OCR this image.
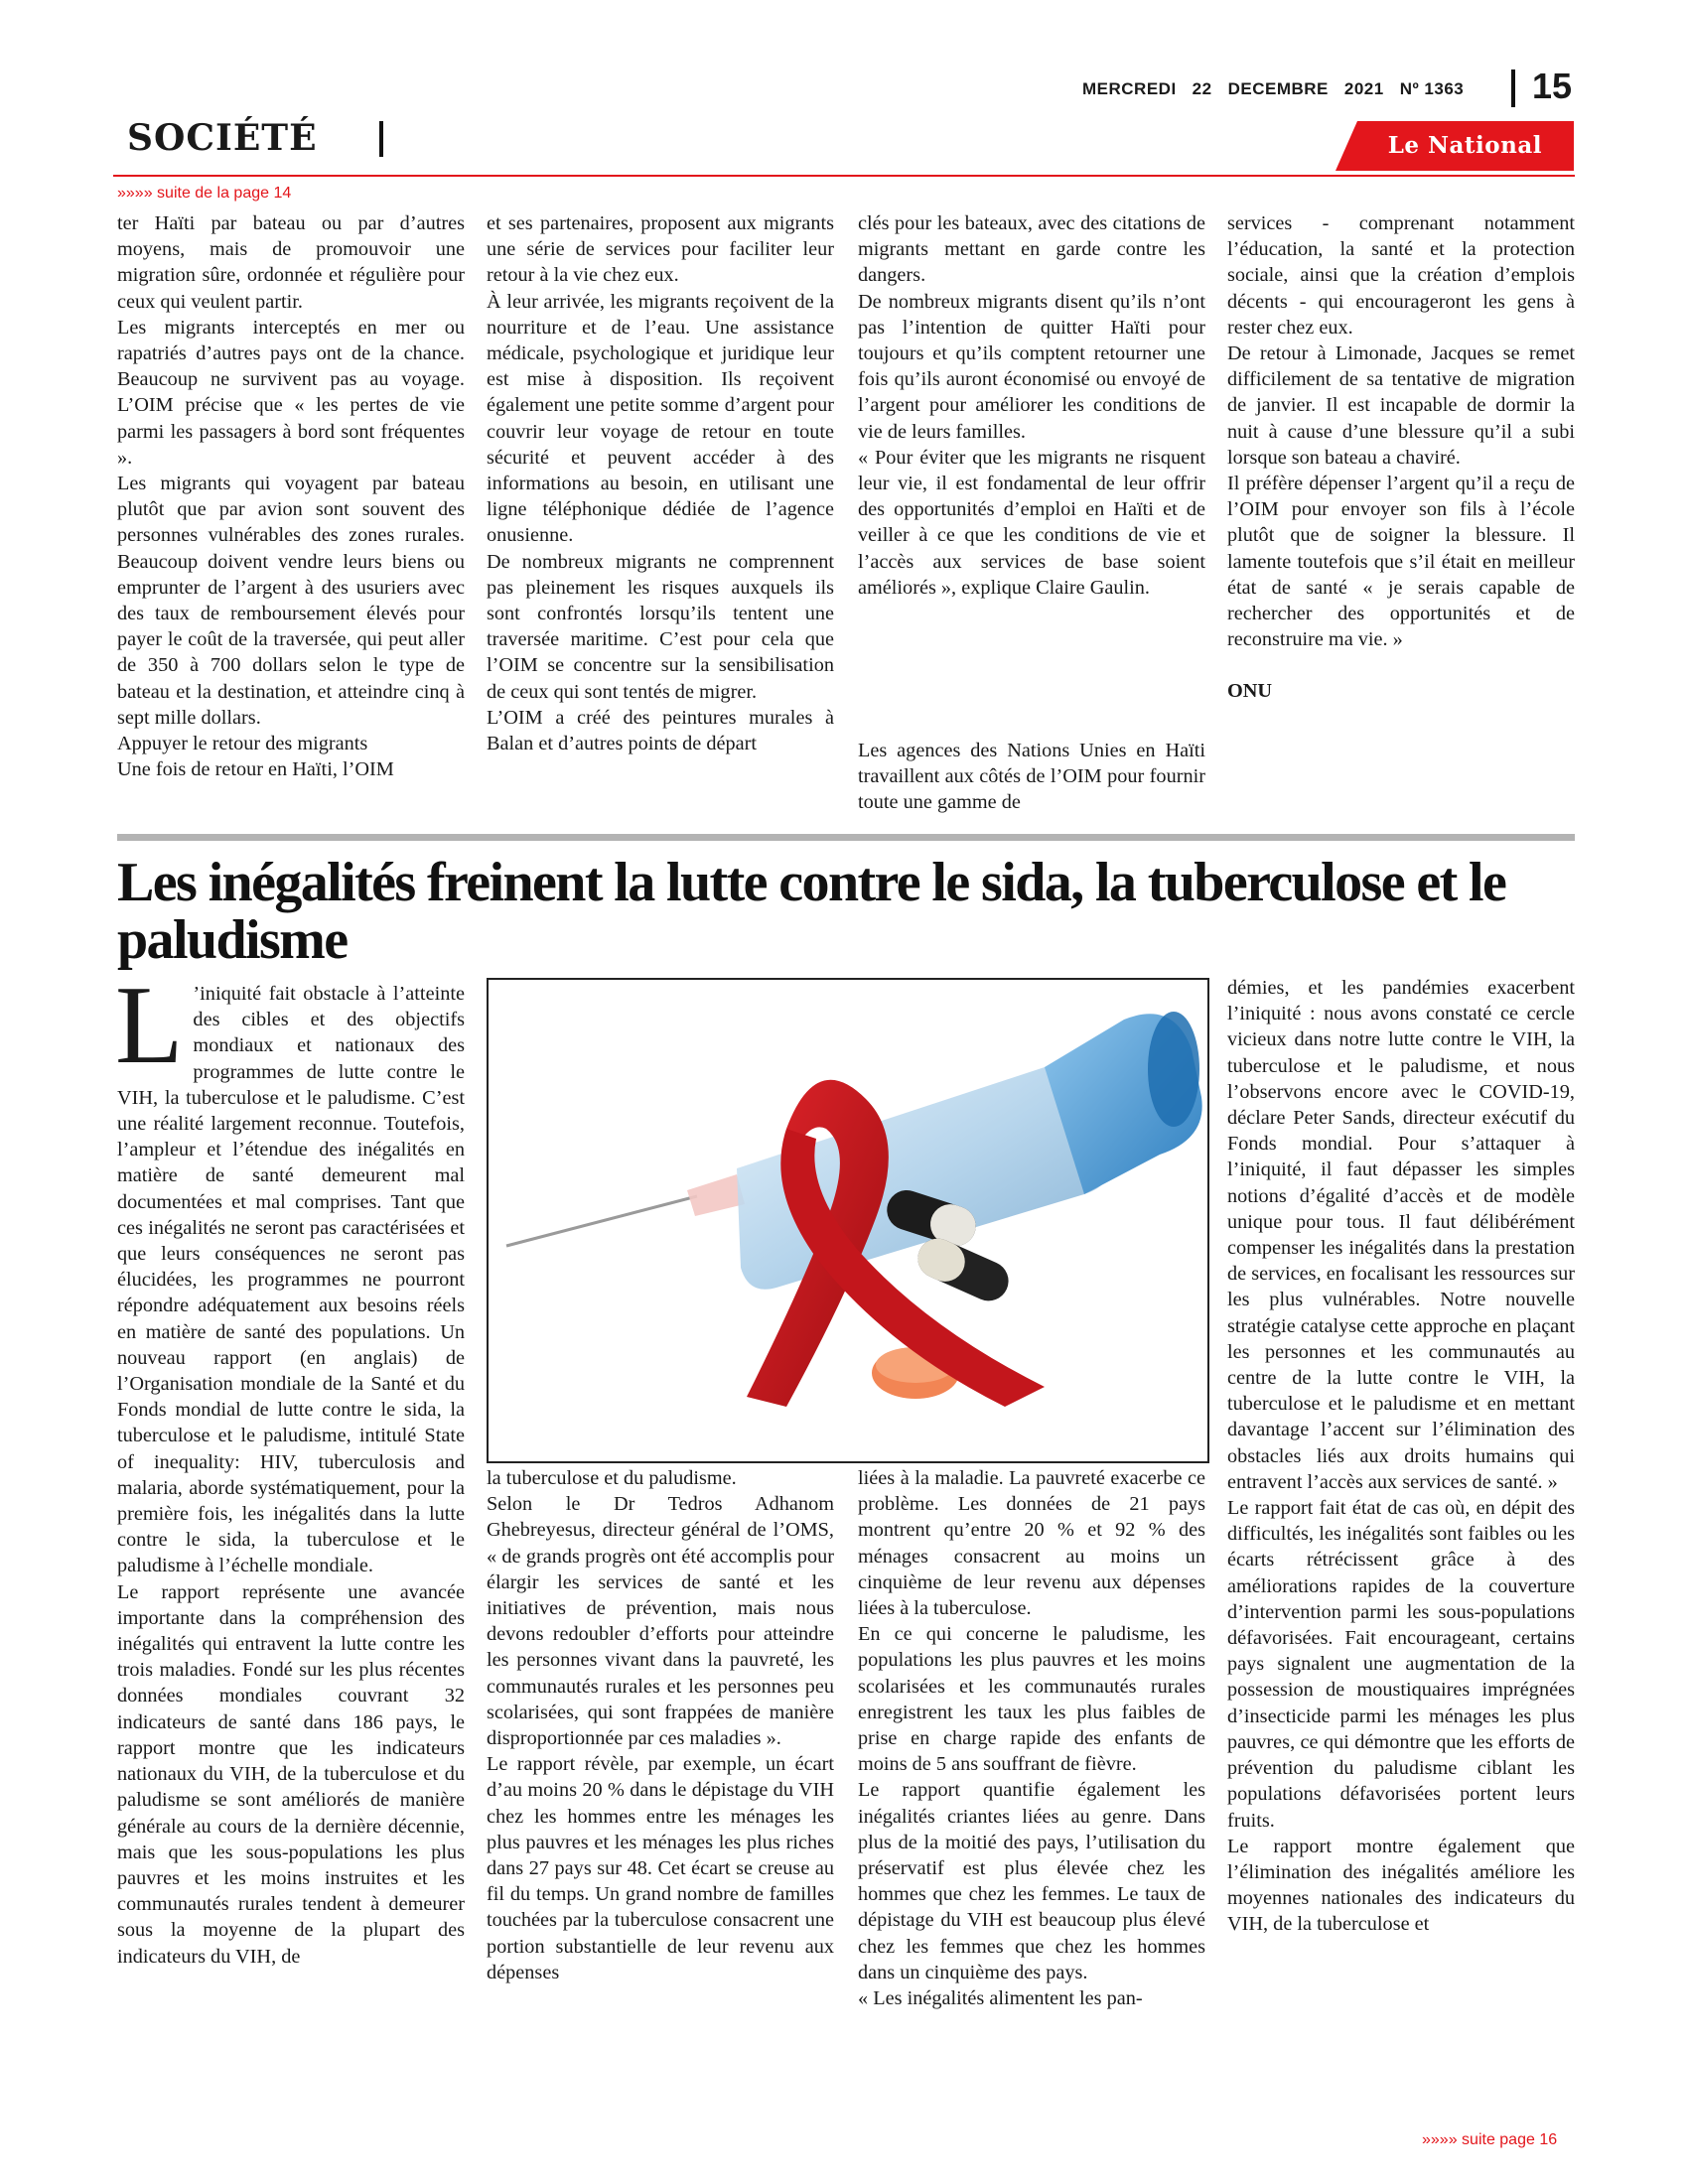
SOCIÉTÉ
MERCREDI 22 DECEMBRE 2021 Nº 1363	15
Le National
»»»» suite de la page 14

ter Haïti par bateau ou par d’autres moyens, mais de promouvoir une migration sûre, ordonnée et régulière pour ceux qui veulent partir.

Les migrants interceptés en mer ou rapatriés d’autres pays ont de la chance. Beaucoup ne survivent pas au voyage. L’OIM précise que « les pertes de vie parmi les passagers à bord sont fréquentes ».

Les migrants qui voyagent par bateau plutôt que par avion sont souvent des personnes vulnérables des zones rurales. Beaucoup doivent vendre leurs biens ou emprunter de l’argent à des usuriers avec des taux de remboursement élevés pour payer le coût de la traversée, qui peut aller de 350 à 700 dollars selon le type de bateau et la destination, et atteindre cinq à sept mille dollars.

Appuyer le retour des migrants

Une fois de retour en Haïti, l’OIM

et ses partenaires, proposent aux migrants une série de services pour faciliter leur retour à la vie chez eux.

À leur arrivée, les migrants reçoivent de la nourriture et de l’eau. Une assistance médicale, psychologique et juridique leur est mise à disposition. Ils reçoivent également une petite somme d’argent pour couvrir leur voyage de retour en toute sécurité et peuvent accéder à des informations au besoin, en utilisant une ligne téléphonique dédiée de l’agence onusienne.

De nombreux migrants ne comprennent pas pleinement les risques auxquels ils sont confrontés lorsqu’ils tentent une traversée maritime. C’est pour cela que l’OIM se concentre sur la sensibilisation de ceux qui sont tentés de migrer.

L’OIM a créé des peintures murales à Balan et d’autres points de départ

clés pour les bateaux, avec des citations de migrants mettant en garde contre les dangers.

De nombreux migrants disent qu’ils n’ont pas l’intention de quitter Haïti pour toujours et qu’ils comptent retourner une fois qu’ils auront économisé ou envoyé de l’argent pour améliorer les conditions de vie de leurs familles.

« Pour éviter que les migrants ne risquent leur vie, il est fondamental de leur offrir des opportunités d’emploi en Haïti et de veiller à ce que les conditions de vie et l’accès aux services de base soient améliorés », explique Claire Gaulin.

Les agences des Nations Unies en Haïti travaillent aux côtés de l’OIM pour fournir toute une gamme de

services - comprenant notamment l’éducation, la santé et la protection sociale, ainsi que la création d’emplois décents - qui encourageront les gens à rester chez eux.

De retour à Limonade, Jacques se remet difficilement de sa tentative de migration de janvier. Il est incapable de dormir la nuit à cause d’une blessure qu’il a subi lorsque son bateau a chaviré.

Il préfère dépenser l’argent qu’il a reçu de l’OIM pour envoyer son fils à l’école plutôt que de soigner la blessure. Il lamente toutefois que s’il était en meilleur état de santé « je serais capable de rechercher des opportunités et de reconstruire ma vie. »

ONU

Les inégalités freinent la lutte contre le sida, la tuberculose et le paludisme

L ’iniquité fait obstacle à l’atteinte des cibles et des objectifs mondiaux et nationaux des programmes de lutte contre le VIH, la tuberculose et le paludisme. C’est une réalité largement reconnue. Toutefois, l’ampleur et l’étendue des inégalités en matière de santé demeurent mal documentées et mal comprises. Tant que ces inégalités ne seront pas caractérisées et que leurs conséquences ne seront pas élucidées, les programmes ne pourront répondre adéquatement aux besoins réels en matière de santé des populations. Un nouveau rapport (en anglais) de l’Organisation mondiale de la Santé et du Fonds mondial de lutte contre le sida, la tuberculose et le paludisme, intitulé State of inequality: HIV, tuberculosis and malaria, aborde systématiquement, pour la première fois, les inégalités dans la lutte contre le sida, la tuberculose et le paludisme à l’échelle mondiale.

Le rapport représente une avancée importante dans la compréhension des inégalités qui entravent la lutte contre les trois maladies. Fondé sur les plus récentes données mondiales couvrant 32 indicateurs de santé dans 186 pays, le rapport montre que les indicateurs nationaux du VIH, de la tuberculose et du paludisme se sont améliorés de manière générale au cours de la dernière décennie, mais que les sous-populations les plus pauvres et les moins instruites et les communautés rurales tendent à demeurer sous la moyenne de la plupart des indicateurs du VIH, de

la tuberculose et du paludisme.

Selon le Dr Tedros Adhanom Ghebreyesus, directeur général de l’OMS, « de grands progrès ont été accomplis pour élargir les services de santé et les initiatives de prévention, mais nous devons redoubler d’efforts pour atteindre les personnes vivant dans la pauvreté, les communautés rurales et les personnes peu scolarisées, qui sont frappées de manière disproportionnée par ces maladies ».

Le rapport révèle, par exemple, un écart d’au moins 20 % dans le dépistage du VIH chez les hommes entre les ménages les plus pauvres et les ménages les plus riches dans 27 pays sur 48. Cet écart se creuse au fil du temps. Un grand nombre de familles touchées par la tuberculose consacrent une portion substantielle de leur revenu aux dépenses

liées à la maladie. La pauvreté exacerbe ce problème. Les données de 21 pays montrent qu’entre 20 % et 92 % des ménages consacrent au moins un cinquième de leur revenu aux dépenses liées à la tuberculose.

En ce qui concerne le paludisme, les populations les plus pauvres et les moins scolarisées et les communautés rurales enregistrent les taux les plus faibles de prise en charge rapide des enfants de moins de 5 ans souffrant de fièvre.

Le rapport quantifie également les inégalités criantes liées au genre. Dans plus de la moitié des pays, l’utilisation du préservatif est plus élevée chez les hommes que chez les femmes. Le taux de dépistage du VIH est beaucoup plus élevé chez les femmes que chez les hommes dans un cinquième des pays.

« Les inégalités alimentent les pan-

démies, et les pandémies exacerbent l’iniquité : nous avons constaté ce cercle vicieux dans notre lutte contre le VIH, la tuberculose et le paludisme, et nous l’observons encore avec le COVID-19, déclare Peter Sands, directeur exécutif du Fonds mondial. Pour s’attaquer à l’iniquité, il faut dépasser les simples notions d’égalité d’accès et de modèle unique pour tous. Il faut délibérément compenser les inégalités dans la prestation de services, en focalisant les ressources sur les plus vulnérables. Notre nouvelle stratégie catalyse cette approche en plaçant les personnes et les communautés au centre de la lutte contre le VIH, la tuberculose et le paludisme et en mettant davantage l’accent sur l’élimination des obstacles liés aux droits humains qui entravent l’accès aux services de santé. »

Le rapport fait état de cas où, en dépit des difficultés, les inégalités sont faibles ou les écarts rétrécissent grâce à des améliorations rapides de la couverture d’intervention parmi les sous-populations défavorisées. Fait encourageant, certains pays signalent une augmentation de la possession de moustiquaires imprégnées d’insecticide parmi les ménages les plus pauvres, ce qui démontre que les efforts de prévention du paludisme ciblant les populations défavorisées portent leurs fruits.

Le rapport montre également que l’élimination des inégalités améliore les moyennes nationales des indicateurs du VIH, de la tuberculose et

»»»» suite page 16
